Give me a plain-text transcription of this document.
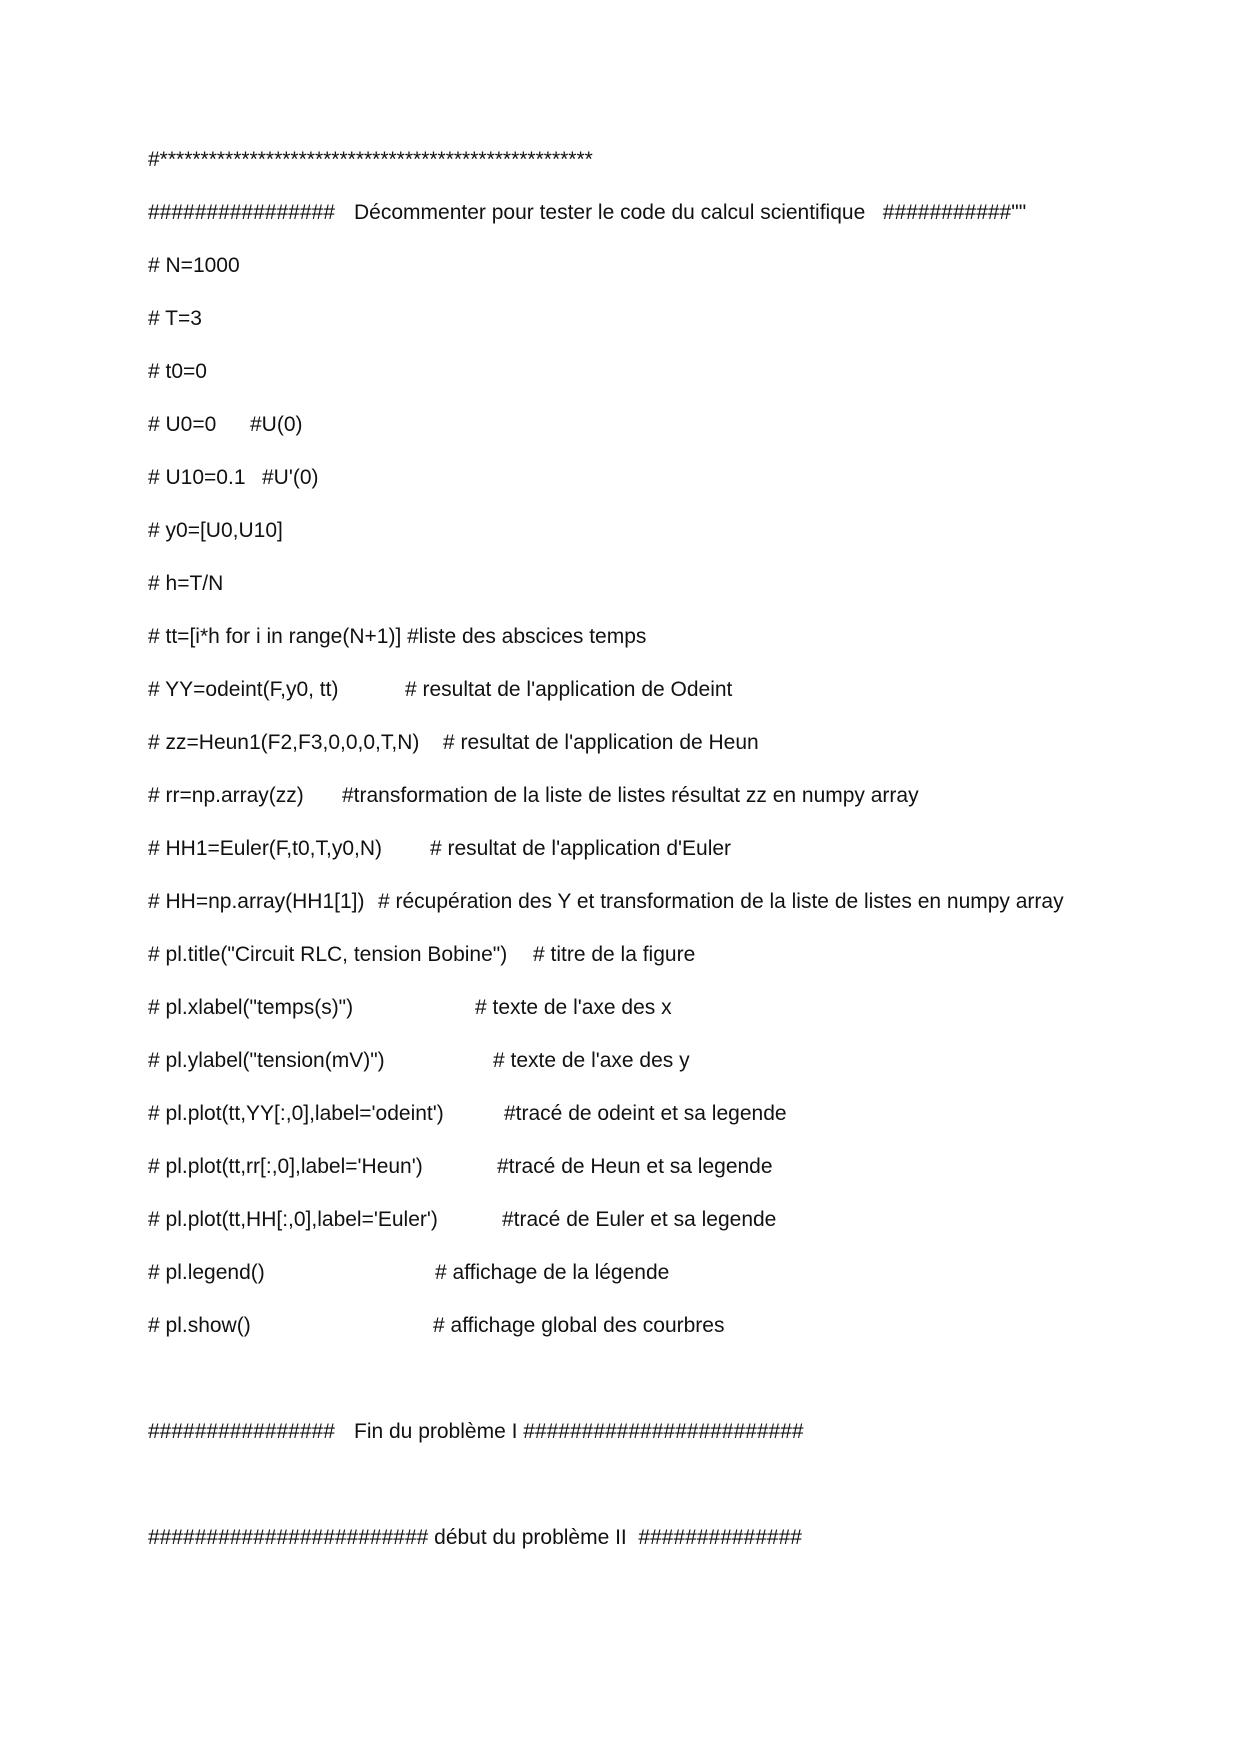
#*****************************************************

################

Décommenter pour tester le code du calcul scientifique   ###########""

# N=1000

# T=3

# t0=0

# U0=0

#U(0)

# U10=0.1

#U'(0)

# y0=[U0,U10]

# h=T/N

# tt=[i*h for i in range(N+1)] #liste des abscices temps

# YY=odeint(F,y0, tt)

	# resultat de l'application de Odeint

# zz=Heun1(F2,F3,0,0,0,T,N)

# resultat de l'application de Heun

# rr=np.array(zz)

#transformation de la liste de listes résultat zz en numpy array

# HH1=Euler(F,t0,T,y0,N)

# resultat de l'application d'Euler

# HH=np.array(HH1[1])

# récupération des Y et transformation de la liste de listes en numpy array

# pl.title("Circuit RLC, tension Bobine")

# titre de la figure

# pl.xlabel("temps(s)")

	# texte de l'axe des x

# pl.ylabel("tension(mV)")

	# texte de l'axe des y

# pl.plot(tt,YY[:,0],label='odeint')

	#tracé de odeint et sa legende

# pl.plot(tt,rr[:,0],label='Heun')

	#tracé de Heun et sa legende

# pl.plot(tt,HH[:,0],label='Euler')

	#tracé de Euler et sa legende

# pl.legend()

	# affichage de la légende

# pl.show()

	# affichage global des courbres

################

Fin du problème I ########################

######################## début du problème II  ##############
